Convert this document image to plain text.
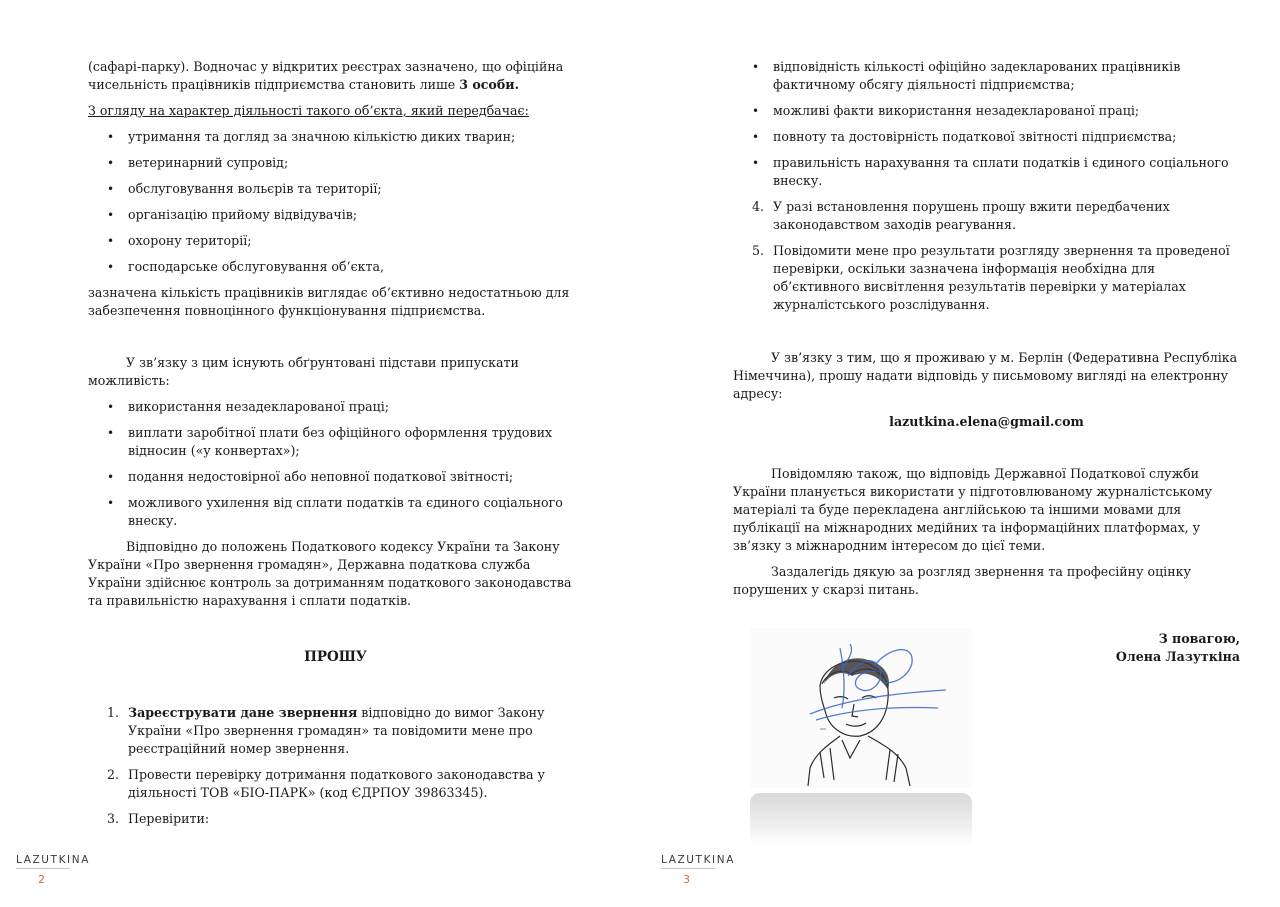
(сафарі-парку). Водночас у відкритих реєстрах зазначено, що офіційна чисельність працівників підприємства становить лише 3 особи.

З огляду на характер діяльності такого об’єкта, який передбачає:

• утримання та догляд за значною кількістю диких тварин;
• ветеринарний супровід;
• обслуговування вольєрів та території;
• організацію прийому відвідувачів;
• охорону території;
• господарське обслуговування об’єкта,

зазначена кількість працівників виглядає об’єктивно недостатньою для забезпечення повноцінного функціонування підприємства.

У зв’язку з цим існують обґрунтовані підстави припускати можливість:

• використання незадекларованої праці;
• виплати заробітної плати без офіційного оформлення трудових відносин («у конвертах»);
• подання недостовірної або неповної податкової звітності;
• можливого ухилення від сплати податків та єдиного соціального внеску.

Відповідно до положень Податкового кодексу України та Закону України «Про звернення громадян», Державна податкова служба України здійснює контроль за дотриманням податкового законодавства та правильністю нарахування і сплати податків.

ПРОШУ

1. Зареєструвати дане звернення відповідно до вимог Закону України «Про звернення громадян» та повідомити мене про реєстраційний номер звернення.
2. Провести перевірку дотримання податкового законодавства у діяльності ТОВ «БІО-ПАРК» (код ЄДРПОУ 39863345).
3. Перевірити:
LAZUTKINA
2
• відповідність кількості офіційно задекларованих працівників фактичному обсягу діяльності підприємства;
• можливі факти використання незадекларованої праці;
• повноту та достовірність податкової звітності підприємства;
• правильність нарахування та сплати податків і єдиного соціального внеску.
4. У разі встановлення порушень прошу вжити передбачених законодавством заходів реагування.
5. Повідомити мене про результати розгляду звернення та проведеної перевірки, оскільки зазначена інформація необхідна для об’єктивного висвітлення результатів перевірки у матеріалах журналістського розслідування.

У зв’язку з тим, що я проживаю у м. Берлін (Федеративна Республіка Німеччина), прошу надати відповідь у письмовому вигляді на електронну адресу:

lazutkina.elena@gmail.com

Повідомляю також, що відповідь Державної Податкової служби України планується використати у підготовлюваному журналістському матеріалі та буде перекладена англійською та іншими мовами для публікації на міжнародних медійних та інформаційних платформах, у зв’язку з міжнародним інтересом до цієї теми.

Заздалегідь дякую за розгляд звернення та професійну оцінку порушених у скарзі питань.

З повагою,
Олена Лазуткіна
LAZUTKINA
3
